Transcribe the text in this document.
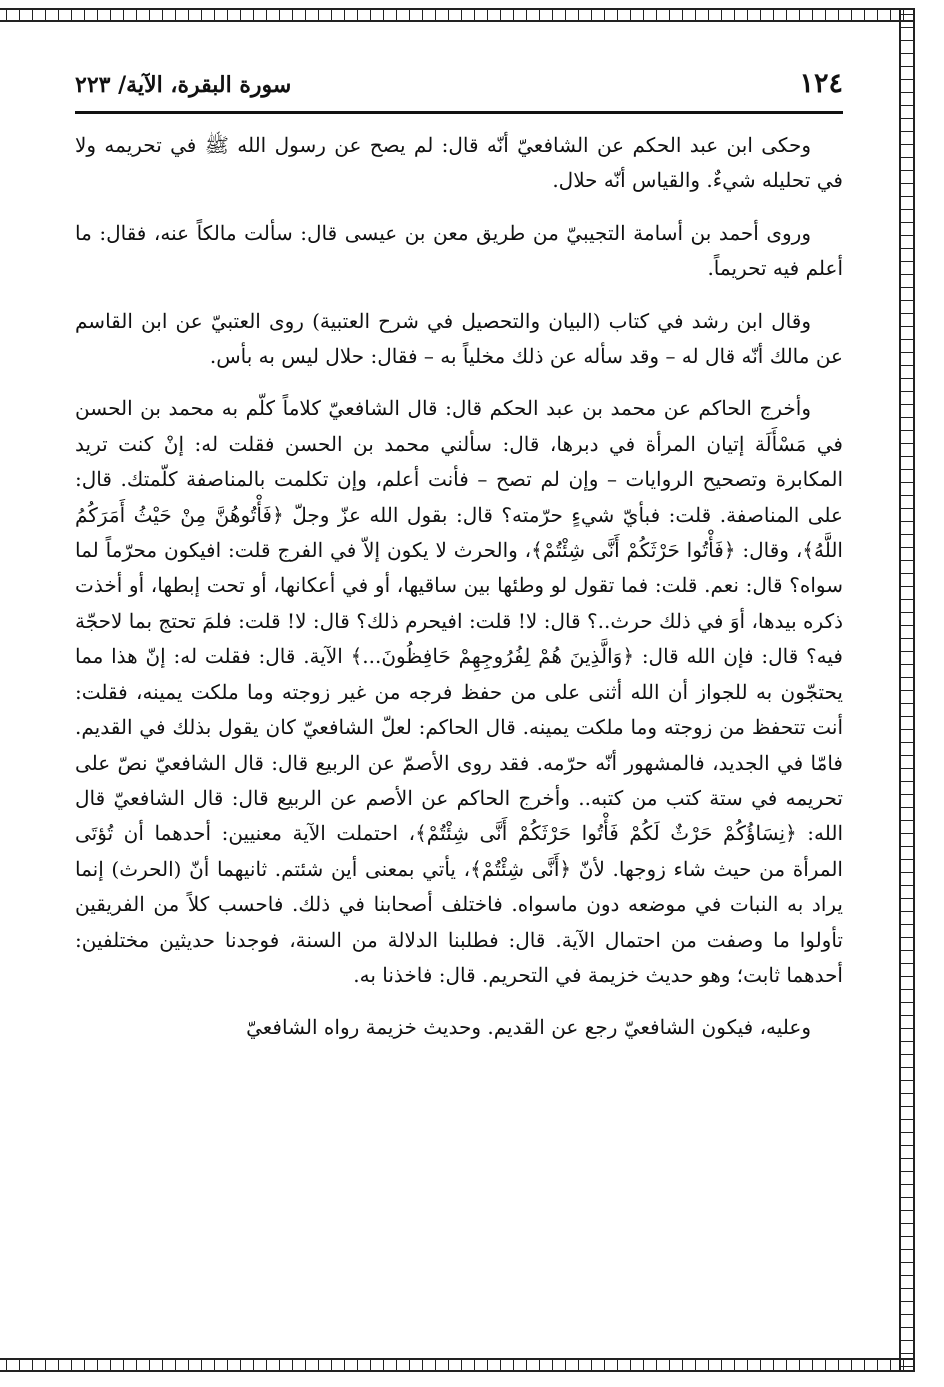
١٢٤
سورة البقرة، الآية/ ٢٢٣

وحكى ابن عبد الحكم عن الشافعيّ أنّه قال: لم يصح عن رسول الله ﷺ في تحريمه ولا في تحليله شيءٌ. والقياس أنّه حلال.

وروى أحمد بن أسامة التجيبيّ من طريق معن بن عيسى قال: سألت مالكاً عنه، فقال: ما أعلم فيه تحريماً.

وقال ابن رشد في كتاب (البيان والتحصيل في شرح العتبية) روى العتبيّ عن ابن القاسم عن مالك أنّه قال له – وقد سأله عن ذلك مخلياً به – فقال: حلال ليس به بأس.

وأخرج الحاكم عن محمد بن عبد الحكم قال: قال الشافعيّ كلاماً كلّم به محمد بن الحسن في مَسْأَلَة إتيان المرأة في دبرها، قال: سألني محمد بن الحسن فقلت له: إنْ كنت تريد المكابرة وتصحيح الروايات – وإن لم تصح – فأنت أعلم، وإن تكلمت بالمناصفة كلّمتك. قال: على المناصفة. قلت: فبأيّ شيءٍ حرّمته؟ قال: بقول الله عزّ وجلّ ﴿فَأْتُوهُنَّ مِنْ حَيْثُ أَمَرَكُمُ اللَّهُ﴾، وقال: ﴿فَأْتُوا حَرْثَكُمْ أَنَّى شِئْتُمْ﴾، والحرث لا يكون إلاّ في الفرج قلت: افيكون محرّماً لما سواه؟ قال: نعم. قلت: فما تقول لو وطئها بين ساقيها، أو في أعكانها، أو تحت إبطها، أو أخذت ذكره بيدها، أوَ في ذلك حرث..؟ قال: لا! قلت: افيحرم ذلك؟ قال: لا! قلت: فلمَ تحتج بما لاحجّة فيه؟ قال: فإن الله قال: ﴿وَالَّذِينَ هُمْ لِفُرُوجِهِمْ حَافِظُونَ...﴾ الآية. قال: فقلت له: إنّ هذا مما يحتجّون به للجواز أن الله أثنى على من حفظ فرجه من غير زوجته وما ملكت يمينه، فقلت: أنت تتحفظ من زوجته وما ملكت يمينه. قال الحاكم: لعلّ الشافعيّ كان يقول بذلك في القديم. فامّا في الجديد، فالمشهور أنّه حرّمه. فقد روى الأصمّ عن الربيع قال: قال الشافعيّ نصّ على تحريمه في ستة كتب من كتبه.. وأخرج الحاكم عن الأصم عن الربيع قال: قال الشافعيّ قال الله: ﴿نِسَاؤُكُمْ حَرْثٌ لَكُمْ فَأْتُوا حَرْثَكُمْ أَنَّى شِئْتُمْ﴾، احتملت الآية معنيين: أحدهما أن تُؤتَى المرأة من حيث شاء زوجها. لأنّ ﴿أَنَّى شِئْتُمْ﴾، يأتي بمعنى أين شئتم. ثانيهما أنّ (الحرث) إنما يراد به النبات في موضعه دون ماسواه. فاختلف أصحابنا في ذلك. فاحسب كلاً من الفريقين تأولوا ما وصفت من احتمال الآية. قال: فطلبنا الدلالة من السنة، فوجدنا حديثين مختلفين: أحدهما ثابت؛ وهو حديث خزيمة في التحريم. قال: فاخذنا به.

وعليه، فيكون الشافعيّ رجع عن القديم. وحديث خزيمة رواه الشافعيّ
